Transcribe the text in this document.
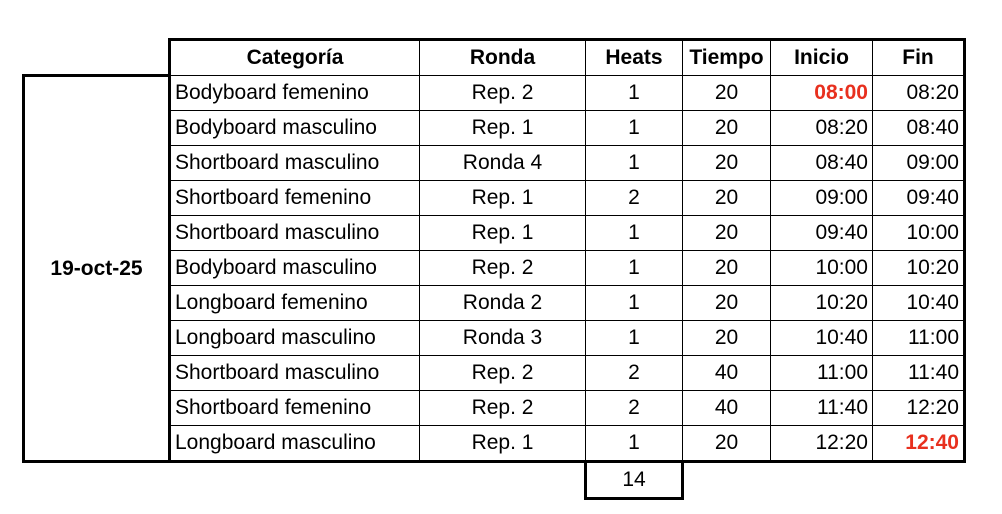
	Categoría	Ronda	Heats	Tiempo	Inicio	Fin
19-oct-25	Bodyboard femenino	Rep. 2	1	20	08:00	08:20
	Bodyboard masculino	Rep. 1	1	20	08:20	08:40
	Shortboard masculino	Ronda 4	1	20	08:40	09:00
	Shortboard femenino	Rep. 1	2	20	09:00	09:40
	Shortboard masculino	Rep. 1	1	20	09:40	10:00
	Bodyboard masculino	Rep. 2	1	20	10:00	10:20
	Longboard femenino	Ronda 2	1	20	10:20	10:40
	Longboard masculino	Ronda 3	1	20	10:40	11:00
	Shortboard masculino	Rep. 2	2	40	11:00	11:40
	Shortboard femenino	Rep. 2	2	40	11:40	12:20
	Longboard masculino	Rep. 1	1	20	12:20	12:40
			14			
